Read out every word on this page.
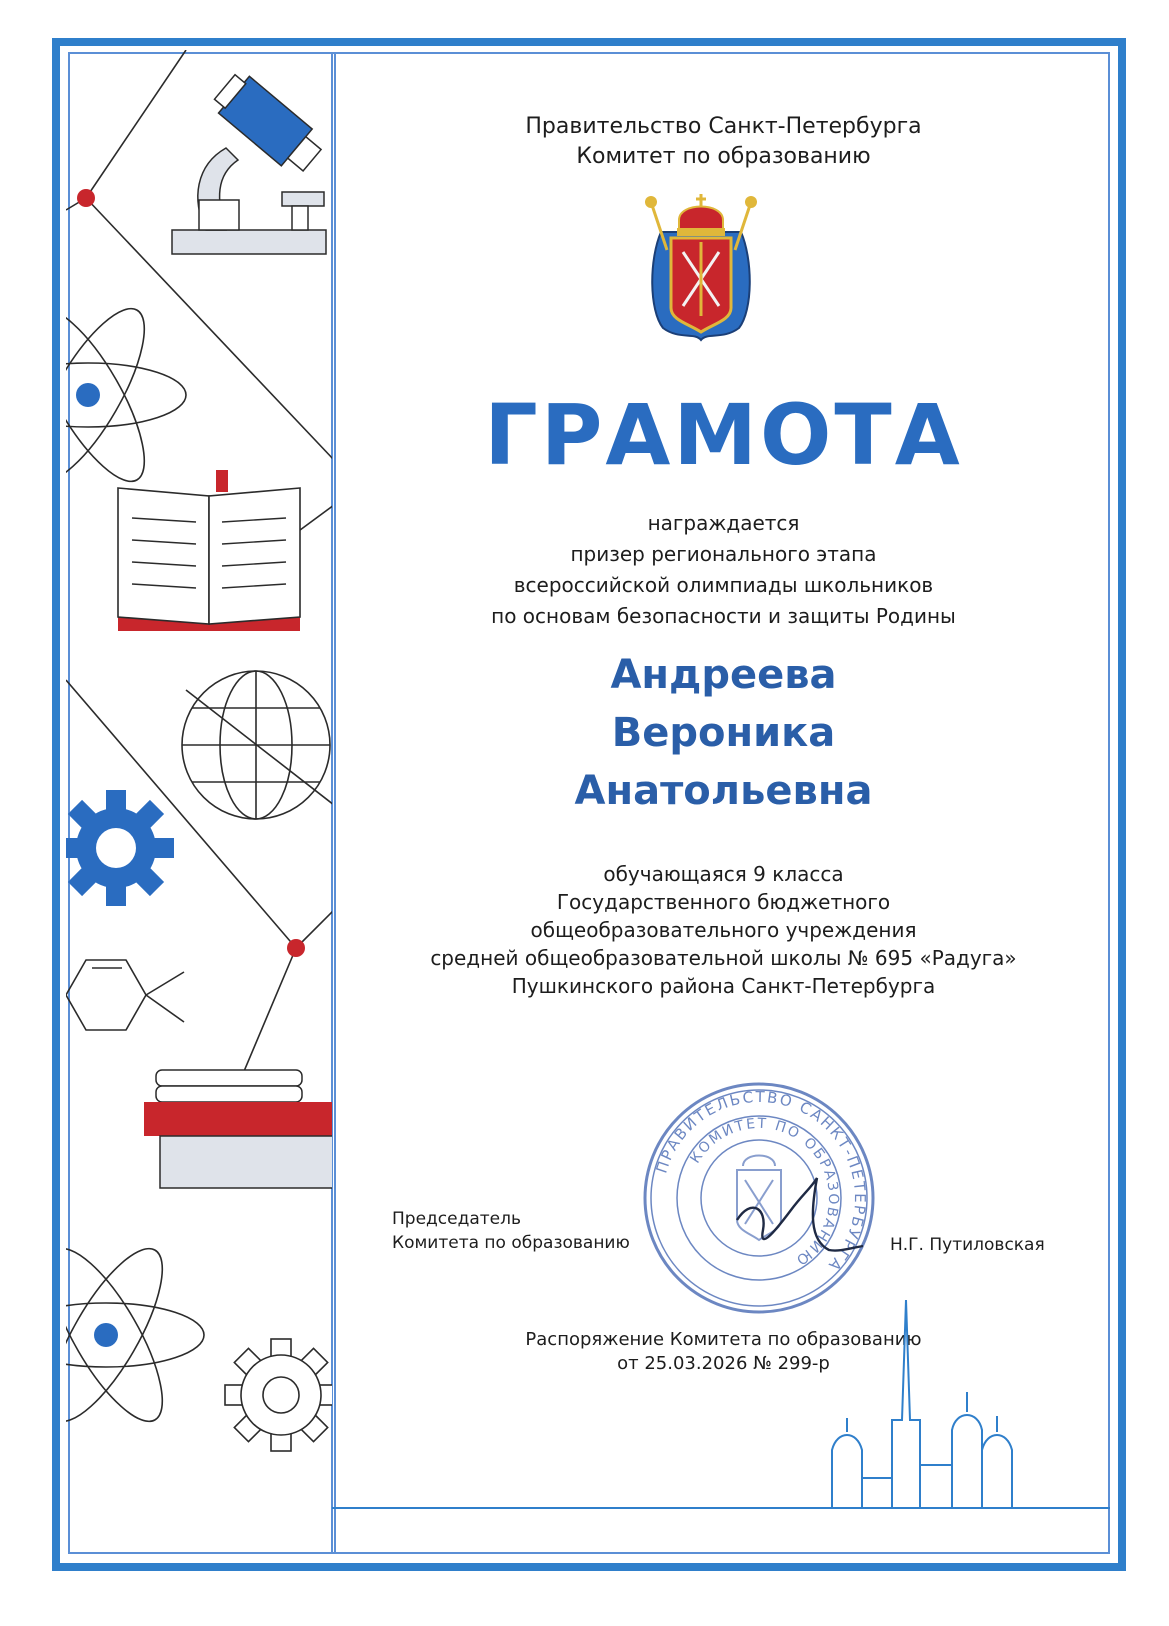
Правительство Санкт-Петербурга
Комитет по образованию
ГРАМОТА
награждается
призер регионального этапа
всероссийской олимпиады школьников
по основам безопасности и защиты Родины
Андреева
Вероника
Анатольевна
обучающаяся 9 класса
Государственного бюджетного
общеобразовательного учреждения
средней общеобразовательной школы № 695 «Радуга»
Пушкинского района Санкт-Петербурга
ПРАВИТЕЛЬСТВО САНКТ-ПЕТЕРБУРГА
КОМИТЕТ ПО ОБРАЗОВАНИЮ
Председатель
Комитета по образованию	Н.Г. Путиловская
Распоряжение Комитета по образованию
от 25.03.2026 № 299-р
